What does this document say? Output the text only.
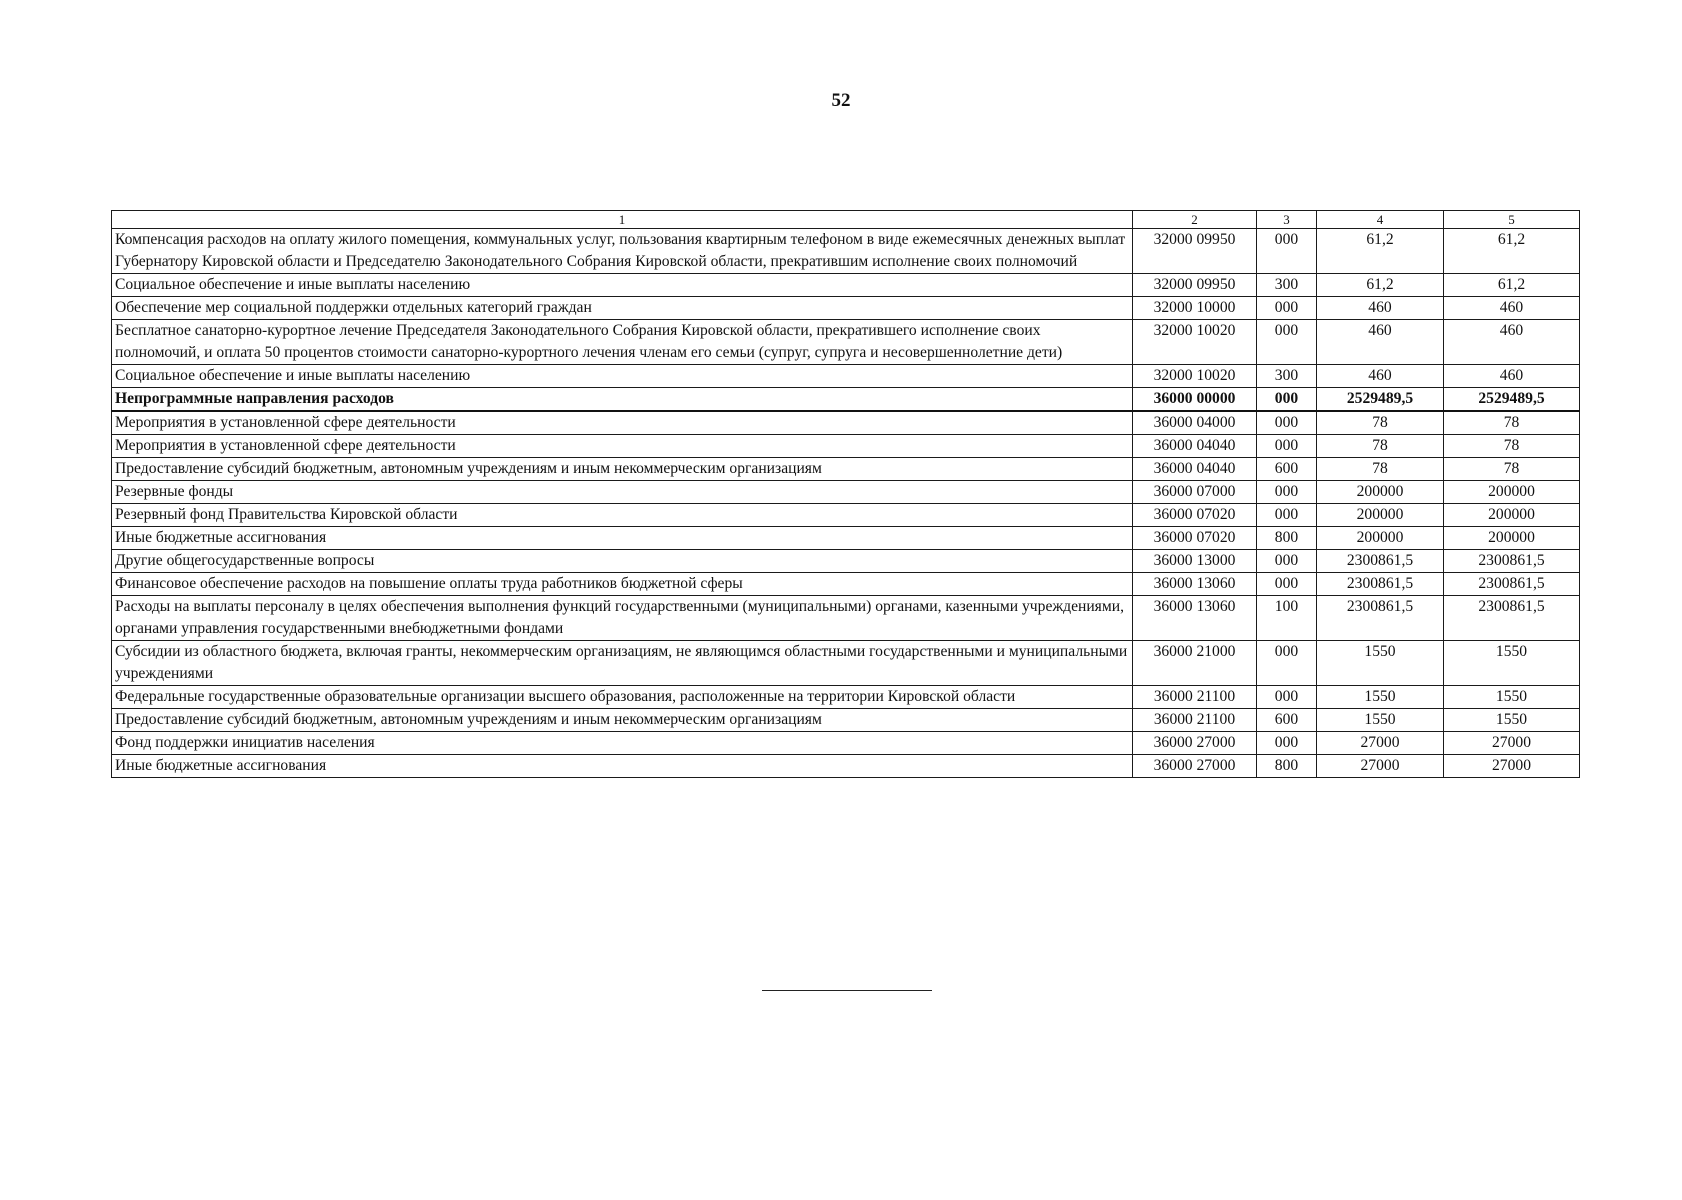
52
1	2	3	4	5
Компенсация расходов на оплату жилого помещения, коммунальных услуг, пользования квартирным телефоном в виде ежемесячных денежных выплат Губернатору Кировской области и Председателю Законодательного Собрания Кировской области, прекратившим исполнение своих полномочий	32000 09950	000	61,2	61,2
Социальное обеспечение и иные выплаты населению	32000 09950	300	61,2	61,2
Обеспечение мер социальной поддержки отдельных категорий граждан	32000 10000	000	460	460
Бесплатное санаторно-курортное лечение Председателя Законодательного Собрания Кировской области, прекратившего исполнение своих полномочий, и оплата 50 процентов стоимости санаторно-курортного лечения членам его семьи (супруг, супруга и несовершеннолетние дети)	32000 10020	000	460	460
Социальное обеспечение и иные выплаты населению	32000 10020	300	460	460
Непрограммные направления расходов	36000 00000	000	2529489,5	2529489,5
Мероприятия в установленной сфере деятельности	36000 04000	000	78	78
Мероприятия в установленной сфере деятельности	36000 04040	000	78	78
Предоставление субсидий бюджетным, автономным учреждениям и иным некоммерческим организациям	36000 04040	600	78	78
Резервные фонды	36000 07000	000	200000	200000
Резервный фонд Правительства Кировской области	36000 07020	000	200000	200000
Иные бюджетные ассигнования	36000 07020	800	200000	200000
Другие общегосударственные вопросы	36000 13000	000	2300861,5	2300861,5
Финансовое обеспечение расходов на повышение оплаты труда работников бюджетной сферы	36000 13060	000	2300861,5	2300861,5
Расходы на выплаты персоналу в целях обеспечения выполнения функций государственными (муниципальными) органами, казенными учреждениями, органами управления государственными внебюджетными фондами	36000 13060	100	2300861,5	2300861,5
Субсидии из областного бюджета, включая гранты, некоммерческим организациям, не являющимся областными государственными и муниципальными учреждениями	36000 21000	000	1550	1550
Федеральные государственные образовательные организации высшего образования, расположенные на территории Кировской области	36000 21100	000	1550	1550
Предоставление субсидий бюджетным, автономным учреждениям и иным некоммерческим организациям	36000 21100	600	1550	1550
Фонд поддержки инициатив населения	36000 27000	000	27000	27000
Иные бюджетные ассигнования	36000 27000	800	27000	27000
